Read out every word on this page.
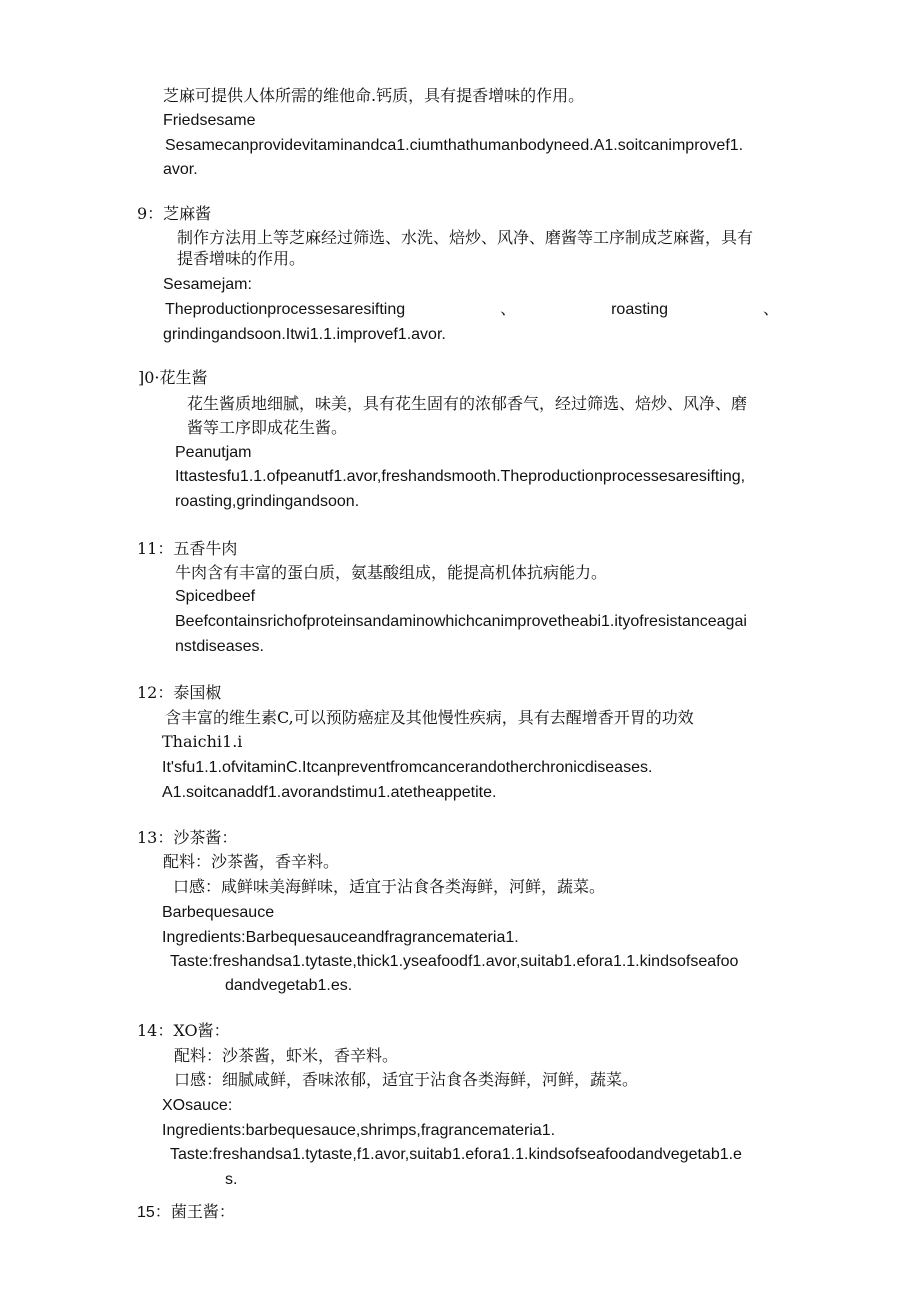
芝麻可提供人体所需的维他命.钙质，具有提香增味的作用。
Friedsesame
Sesamecanprovidevitaminandca1.ciumthathumanbodyneed.A1.soitcanimprovef1.
avor.
9：芝麻酱
制作方法用上等芝麻经过筛选、水洗、焙炒、风净、磨酱等工序制成芝麻酱，具有
提香增味的作用。
Sesamejam:
Theproductionprocessesaresifting	、	roasting	、
grindingandsoon.Itwi1.1.improvef1.avor.
]0·花生酱
花生酱质地细腻，味美，具有花生固有的浓郁香气，经过筛选、焙炒、风净、磨
酱等工序即成花生酱。
Peanutjam
Ittastesfu1.1.ofpeanutf1.avor,freshandsmooth.Theproductionprocessesaresifting,
roasting,grindingandsoon.
11：五香牛肉
牛肉含有丰富的蛋白质，氨基酸组成，能提高机体抗病能力。
Spicedbeef
Beefcontainsrichofproteinsandaminowhichcanimprovetheabi1.ityofresistanceagai
nstdiseases.
12：泰国椒
含丰富的维生素C,可以预防癌症及其他慢性疾病，具有去醒增香开胃的功效
Thaichi1.i
It'sfu1.1.ofvitaminC.Itcanpreventfromcancerandotherchronicdiseases.
A1.soitcanaddf1.avorandstimu1.atetheappetite.
13：沙茶酱：
配料：沙茶酱，香辛料。
口感：咸鲜味美海鲜味，适宜于沾食各类海鲜，河鲜，蔬菜。
Barbequesauce
Ingredients:Barbequesauceandfragrancemateria1.
Taste:freshandsa1.tytaste,thick1.yseafoodf1.avor,suitab1.efora1.1.kindsofseafoo
dandvegetab1.es.
14：XO酱：
配料：沙茶酱，虾米，香辛料。
口感：细腻咸鲜，香味浓郁，适宜于沾食各类海鲜，河鲜，蔬菜。
XOsauce:
Ingredients:barbequesauce,shrimps,fragrancemateria1.
Taste:freshandsa1.tytaste,f1.avor,suitab1.efora1.1.kindsofseafoodandvegetab1.e
s.
15：菌王酱：
